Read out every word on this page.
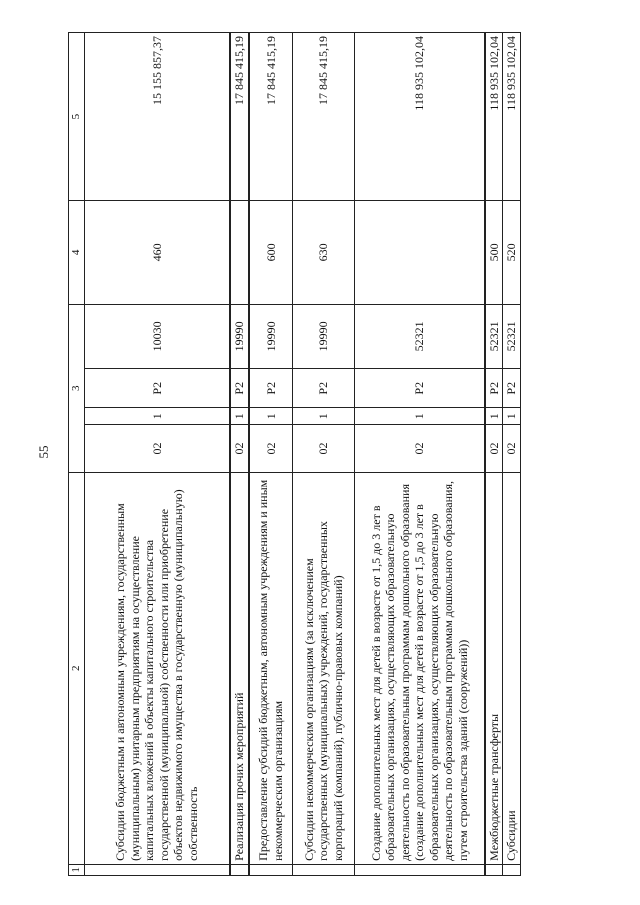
55
1	2	3				4	5
	Субсидии бюджетным и автономным учреждениям, государственным (муниципальным) унитарным предприятиям на осуществление капитальных вложений в объекты капитального строительства государственной (муниципальной) собственности или приобретение объектов недвижимого имущества в государственную (муниципальную) собственность	02	1	Р2	10030	460	15 155 857,37
	Реализация прочих мероприятий	02	1	Р2	19990		17 845 415,19
	Предоставление субсидий бюджетным, автономным учреждениям и иным некоммерческим организациям	02	1	Р2	19990	600	17 845 415,19
	Субсидии некоммерческим организациям (за исключением государственных (муниципальных) учреждений, государственных корпораций (компаний), публично-правовых компаний)	02	1	Р2	19990	630	17 845 415,19
	Создание дополнительных мест для детей в возрасте от 1,5 до 3 лет в образовательных организациях, осуществляющих образовательную деятельность по образовательным программам дошкольного образования (создание дополнительных мест для детей в возрасте от 1,5 до 3 лет в образовательных организациях, осуществляющих образовательную деятельность по образовательным программам дошкольного образования, путем строительства зданий (сооружений))	02	1	Р2	52321		118 935 102,04
	Межбюджетные трансферты	02	1	Р2	52321	500	118 935 102,04
	Субсидии	02	1	Р2	52321	520	118 935 102,04
